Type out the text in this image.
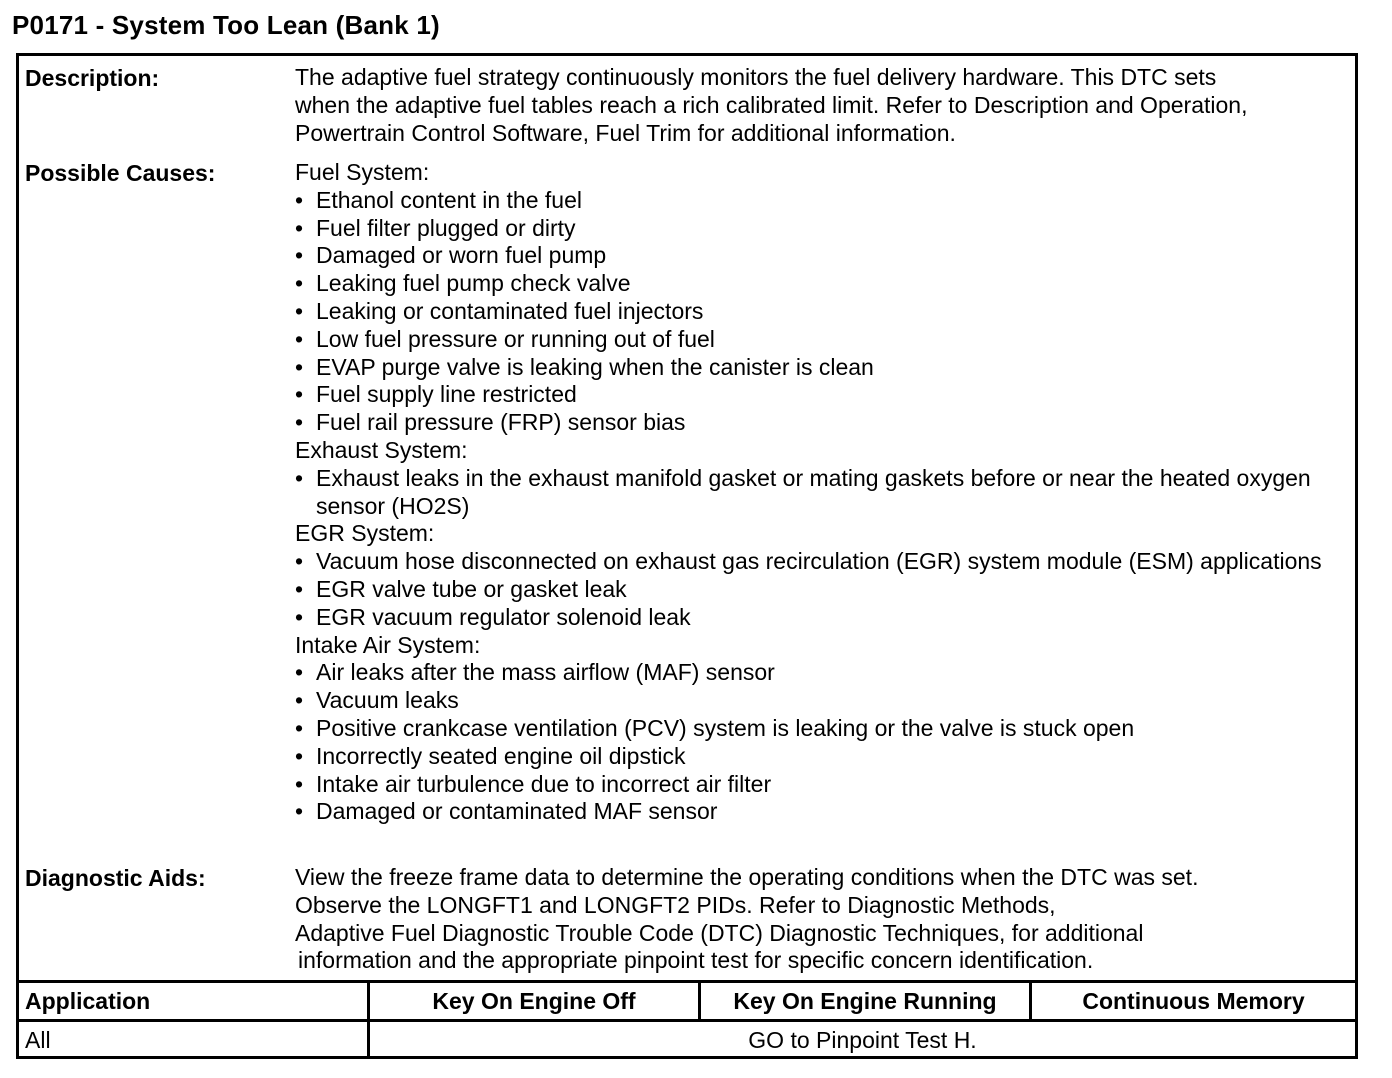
P0171 - System Too Lean (Bank 1)
Description:	The adaptive fuel strategy continuously monitors the fuel delivery hardware. This DTC sets
when the adaptive fuel tables reach a rich calibrated limit. Refer to Description and Operation,
Powertrain Control Software, Fuel Trim for additional information.
Possible Causes:	Fuel System:
• Ethanol content in the fuel
• Fuel filter plugged or dirty
• Damaged or worn fuel pump
• Leaking fuel pump check valve
• Leaking or contaminated fuel injectors
• Low fuel pressure or running out of fuel
• EVAP purge valve is leaking when the canister is clean
• Fuel supply line restricted
• Fuel rail pressure (FRP) sensor bias
Exhaust System:
• Exhaust leaks in the exhaust manifold gasket or mating gaskets before or near the heated oxygen sensor (HO2S)
EGR System:
• Vacuum hose disconnected on exhaust gas recirculation (EGR) system module (ESM) applications
• EGR valve tube or gasket leak
• EGR vacuum regulator solenoid leak
Intake Air System:
• Air leaks after the mass airflow (MAF) sensor
• Vacuum leaks
• Positive crankcase ventilation (PCV) system is leaking or the valve is stuck open
• Incorrectly seated engine oil dipstick
• Intake air turbulence due to incorrect air filter
• Damaged or contaminated MAF sensor
Diagnostic Aids:	View the freeze frame data to determine the operating conditions when the DTC was set.
Observe the LONGFT1 and LONGFT2 PIDs. Refer to Diagnostic Methods,
Adaptive Fuel Diagnostic Trouble Code (DTC) Diagnostic Techniques, for additional
information and the appropriate pinpoint test for specific concern identification.
Application	Key On Engine Off	Key On Engine Running	Continuous Memory
All	GO to Pinpoint Test H.
